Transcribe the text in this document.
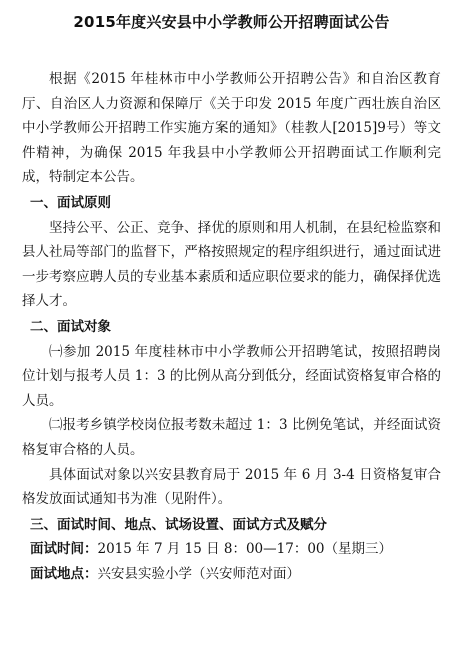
2015年度兴安县中小学教师公开招聘面试公告

根据《2015 年桂林市中小学教师公开招聘公告》和自治区教育厅、自治区人力资源和保障厅《关于印发 2015 年度广西壮族自治区中小学教师公开招聘工作实施方案的通知》（桂教人[2015]9号）等文件精神，为确保 2015 年我县中小学教师公开招聘面试工作顺利完成，特制定本公告。

一、面试原则

坚持公平、公正、竞争、择优的原则和用人机制，在县纪检监察和县人社局等部门的监督下，严格按照规定的程序组织进行，通过面试进一步考察应聘人员的专业基本素质和适应职位要求的能力，确保择优选择人才。

二、面试对象

㈠参加 2015 年度桂林市中小学教师公开招聘笔试，按照招聘岗位计划与报考人员 1：3 的比例从高分到低分，经面试资格复审合格的人员。

㈡报考乡镇学校岗位报考数未超过 1：3 比例免笔试，并经面试资格复审合格的人员。

具体面试对象以兴安县教育局于 2015 年 6 月 3-4 日资格复审合格发放面试通知书为准（见附件）。

三、面试时间、地点、试场设置、面试方式及赋分

面试时间：2015 年 7 月 15 日 8：00—17：00（星期三）

面试地点：兴安县实验小学（兴安师范对面）
